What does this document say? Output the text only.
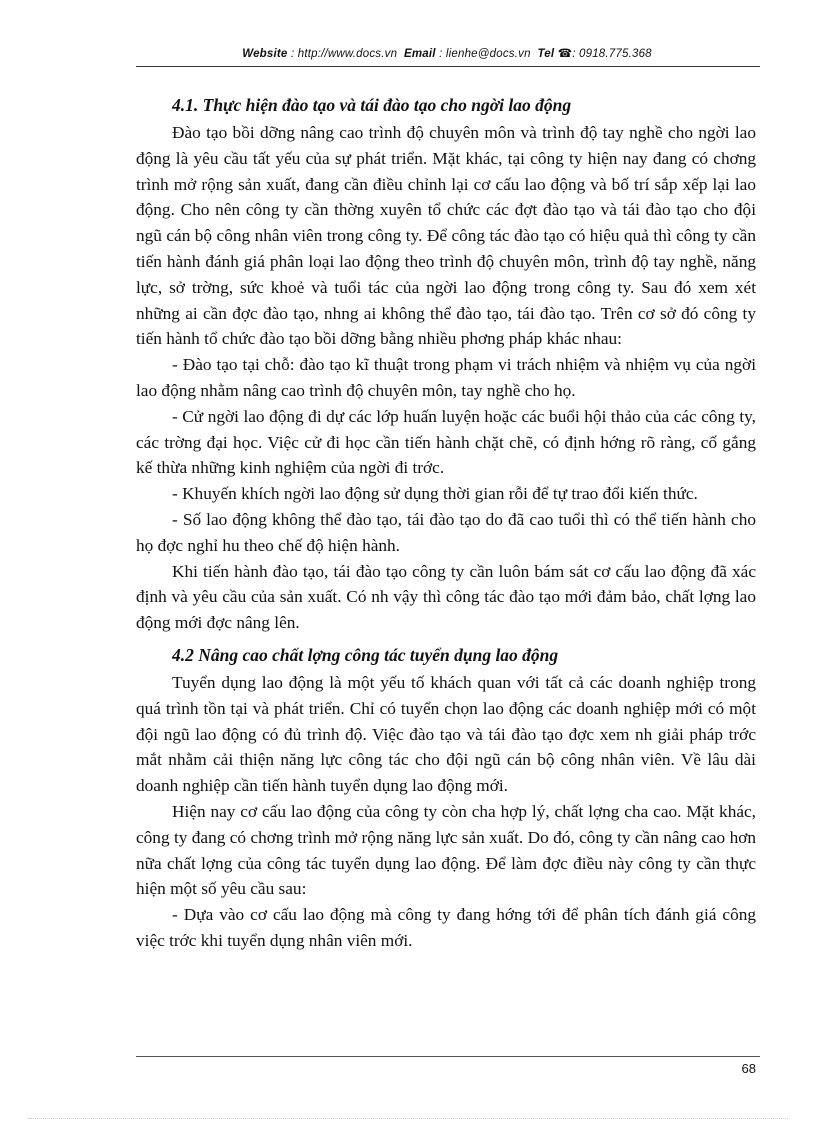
Website : http://www.docs.vn Email : lienhe@docs.vn Tel ☎: 0918.775.368
4.1. Thực hiện đào tạo và tái đào tạo cho ngời lao động

Đào tạo bồi dỡng nâng cao trình độ chuyên môn và trình độ tay nghề cho ngời lao động là yêu cầu tất yếu của sự phát triển. Mặt khác, tại công ty hiện nay đang có chơng trình mở rộng sản xuất, đang cần điều chỉnh lại cơ cấu lao động và bố trí sắp xếp lại lao động. Cho nên công ty cần thờng xuyên tổ chức các đợt đào tạo và tái đào tạo cho đội ngũ cán bộ công nhân viên trong công ty. Để công tác đào tạo có hiệu quả thì công ty cần tiến hành đánh giá phân loại lao động theo trình độ chuyên môn, trình độ tay nghề, năng lực, sở trờng, sức khoẻ và tuổi tác của ngời lao động trong công ty. Sau đó xem xét những ai cần đợc đào tạo, nhng ai không thể đào tạo, tái đào tạo. Trên cơ sở đó công ty tiến hành tổ chức đào tạo bồi dỡng bằng nhiều phơng pháp khác nhau:

- Đào tạo tại chỗ: đào tạo kĩ thuật trong phạm vi trách nhiệm và nhiệm vụ của ngời lao động nhằm nâng cao trình độ chuyên môn, tay nghề cho họ.

- Cử ngời lao động đi dự các lớp huấn luyện hoặc các buổi hội thảo của các công ty, các trờng đại học. Việc cử đi học cần tiến hành chặt chẽ, có định hớng rõ ràng, cố gắng kế thừa những kinh nghiệm của ngời đi trớc.

- Khuyến khích ngời lao động sử dụng thời gian rỗi để tự trao đổi kiến thức.

- Số lao động không thể đào tạo, tái đào tạo do đã cao tuổi thì có thể tiến hành cho họ đợc nghỉ hu theo chế độ hiện hành.

Khi tiến hành đào tạo, tái đào tạo công ty cần luôn bám sát cơ cấu lao động đã xác định và yêu cầu của sản xuất. Có nh vậy thì công tác đào tạo mới đảm bảo, chất lợng lao động mới đợc nâng lên.

4.2 Nâng cao chất lợng công tác tuyển dụng lao động

Tuyển dụng lao động là một yếu tố khách quan với tất cả các doanh nghiệp trong quá trình tồn tại và phát triển. Chỉ có tuyển chọn lao động các doanh nghiệp mới có một đội ngũ lao động có đủ trình độ. Việc đào tạo và tái đào tạo đợc xem nh giải pháp trớc mắt nhằm cải thiện năng lực công tác cho đội ngũ cán bộ công nhân viên. Về lâu dài doanh nghiệp cần tiến hành tuyển dụng lao động mới.

Hiện nay cơ cấu lao động của công ty còn cha hợp lý, chất lợng cha cao. Mặt khác, công ty đang có chơng trình mở rộng năng lực sản xuất. Do đó, công ty cần nâng cao hơn nữa chất lợng của công tác tuyển dụng lao động. Để làm đợc điều này công ty cần thực hiện một số yêu cầu sau:

- Dựa vào cơ cấu lao động mà công ty đang hớng tới để phân tích đánh giá công việc trớc khi tuyển dụng nhân viên mới.

68
